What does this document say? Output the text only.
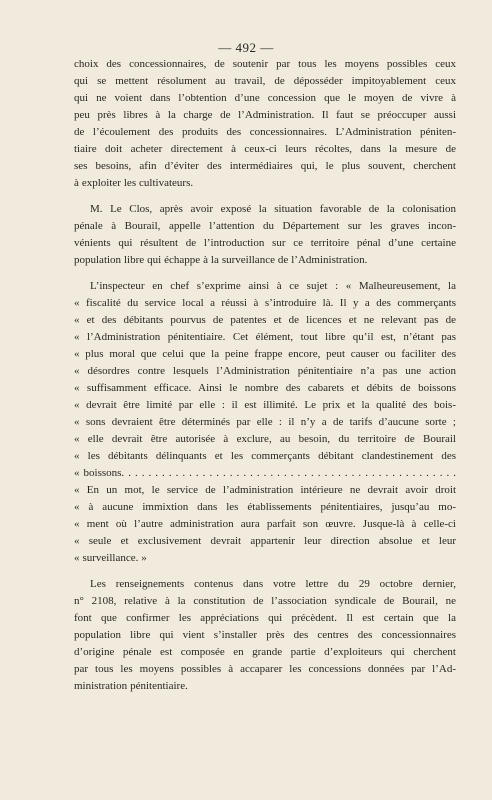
— 492 —
choix des concessionnaires, de soutenir par tous les moyens possibles ceux
qui se mettent résolument au travail, de déposséder impitoyablement ceux
qui ne voient dans l’obtention d’une concession que le moyen de vivre à
peu près libres à la charge de l’Administration. Il faut se préoccuper aussi
de l’écoulement des produits des concessionnaires. L’Administration péniten-
tiaire doit acheter directement à ceux-ci leurs récoltes, dans la mesure de
ses besoins, afin d’éviter des intermédiaires qui, le plus souvent, cherchent
à exploiter les cultivateurs.
M. Le Clos, après avoir exposé la situation favorable de la colonisation
pénale à Bourail, appelle l’attention du Département sur les graves incon-
vénients qui résultent de l’introduction sur ce territoire pénal d’une certaine
population libre qui échappe à la surveillance de l’Administration.
L’inspecteur en chef s’exprime ainsi à ce sujet : « Malheureusement, la
« fiscalité du service local a réussi à s’introduire là. Il y a des commerçants
« et des débitants pourvus de patentes et de licences et ne relevant pas de
« l’Administration pénitentiaire. Cet élément, tout libre qu’il est, n’étant pas
« plus moral que celui que la peine frappe encore, peut causer ou faciliter des
« désordres contre lesquels l’Administration pénitentiaire n’a pas une action
« suffisamment efficace. Ainsi le nombre des cabarets et débits de boissons
« devrait être limité par elle : il est illimité. Le prix et la qualité des bois-
« sons devraient être déterminés par elle : il n’y a de tarifs d’aucune sorte ;
« elle devrait être autorisée à exclure, au besoin, du territoire de Bourail
« les débitants délinquants et les commerçants débitant clandestinement des
« boissons. . . . . . . . . . . . . . . . . . . . . . . . . . . . . . . . . . . . . . . . . . . . . . . . . .
« En un mot, le service de l’administration intérieure ne devrait avoir droit
« à aucune immixtion dans les établissements pénitentiaires, jusqu’au mo-
« ment où l’autre administration aura parfait son œuvre. Jusque-là à celle-ci
« seule et exclusivement devrait appartenir leur direction absolue et leur
« surveillance. »
Les renseignements contenus dans votre lettre du 29 octobre dernier,
n° 2108, relative à la constitution de l’association syndicale de Bourail, ne
font que confirmer les appréciations qui précèdent. Il est certain que la
population libre qui vient s’installer près des centres des concessionnaires
d’origine pénale est composée en grande partie d’exploiteurs qui cherchent
par tous les moyens possibles à accaparer les concessions données par l’Ad-
ministration pénitentiaire.
